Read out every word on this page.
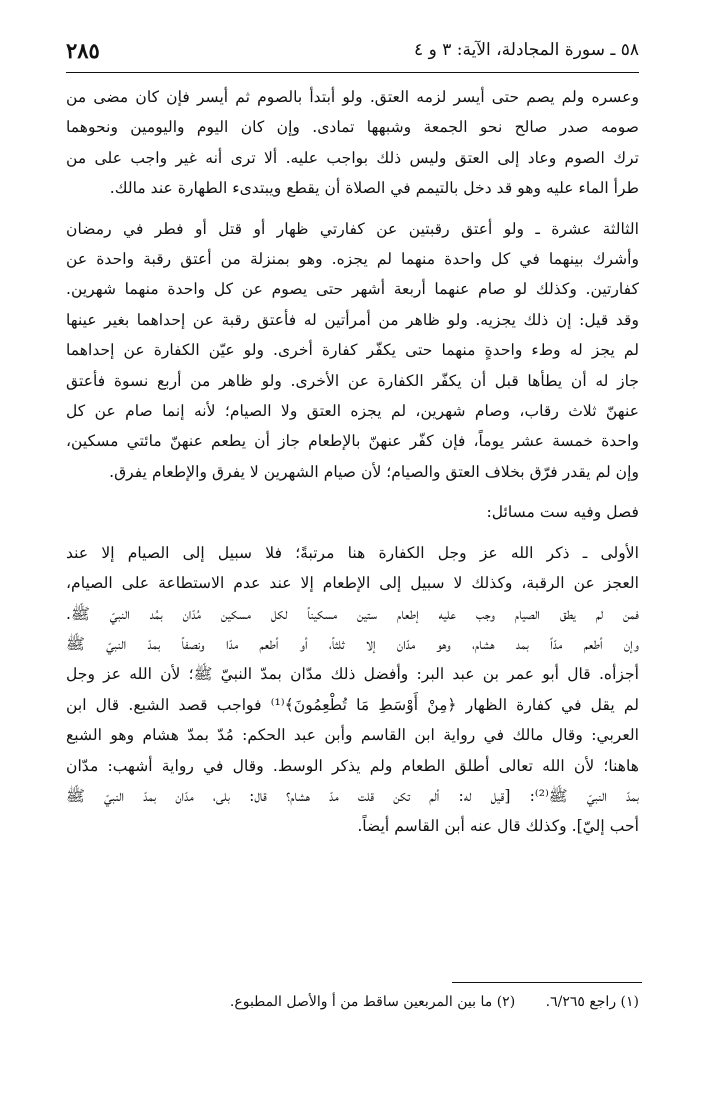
٥٨ ـ سورة المجادلة، الآية: ٣ و ٤
٢٨٥

وعسره ولم يصم حتى أيسر لزمه العتق. ولو أبتدأ بالصوم ثم أيسر فإن كان مضى من
صومه صدر صالح نحو الجمعة وشبهها تمادى. وإن كان اليوم واليومين ونحوهما
ترك الصوم وعاد إلى العتق وليس ذلك بواجب عليه. ألا ترى أنه غير واجب على من
طرأ الماء عليه وهو قد دخل بالتيمم في الصلاة أن يقطع ويبتدىء الطهارة عند مالك.

الثالثة عشرة ـ ولو أعتق رقبتين عن كفارتي ظهار أو قتل أو فطر في رمضان
وأشرك بينهما في كل واحدة منهما لم يجزه. وهو بمنزلة من أعتق رقبة واحدة عن
كفارتين. وكذلك لو صام عنهما أربعة أشهر حتى يصوم عن كل واحدة منهما شهرين.
وقد قيل: إن ذلك يجزيه. ولو ظاهر من أمرأتين له فأعتق رقبة عن إحداهما بغير عينها
لم يجز له وطء واحدةٍ منهما حتى يكفّر كفارة أخرى. ولو عيّن الكفارة عن إحداهما
جاز له أن يطأها قبل أن يكفّر الكفارة عن الأخرى. ولو ظاهر من أربع نسوة فأعتق
عنهنّ ثلاث رقاب، وصام شهرين، لم يجزه العتق ولا الصيام؛ لأنه إنما صام عن كل
واحدة خمسة عشر يوماً، فإن كفّر عنهنّ بالإطعام جاز أن يطعم عنهنّ مائتي مسكين،
وإن لم يقدر فرّق بخلاف العتق والصيام؛ لأن صيام الشهرين لا يفرق والإطعام يفرق.

فصل وفيه ست مسائل:

الأولى ـ ذكر الله عز وجل الكفارة هنا مرتبةً؛ فلا سبيل إلى الصيام إلا عند
العجز عن الرقبة، وكذلك لا سبيل إلى الإطعام إلا عند عدم الاستطاعة على الصيام،
فمن لم يطق الصيام وجب عليه إطعام ستين مسكيناً لكل مسكين مُدّان بمُد النبيّ ﷺ.
وإن أطعم مدّاً بمد هشام، وهو مدّان إلا ثلثاً، أو أطعم مدّا ونصفاً بمدّ النبيّ ﷺ
أجزأه. قال أبو عمر بن عبد البر: وأفضل ذلك مدّان بمدّ النبيّ ﷺ؛ لأن الله عز وجل
لم يقل في كفارة الظهار ﴿مِنْ أَوْسَطِ مَا تُطْعِمُونَ﴾⁽¹⁾ فواجب قصد الشبع. قال ابن
العربي: وقال مالك في رواية ابن القاسم وأبن عبد الحكم: مُدّ بمدّ هشام وهو الشبع
هاهنا؛ لأن الله تعالى أطلق الطعام ولم يذكر الوسط. وقال في رواية أشهب: مدّان
بمدّ النبيّ ﷺ⁽²⁾: [قيل له: ألم تكن قلت مدّ هشام؟ قال: بلى، مدّان بمدّ النبيّ ﷺ
أحب إليّ]. وكذلك قال عنه أبن القاسم أيضاً.

(١) راجع ٦/٢٦٥. (٢) ما بين المربعين ساقط من أ والأصل المطبوع.
